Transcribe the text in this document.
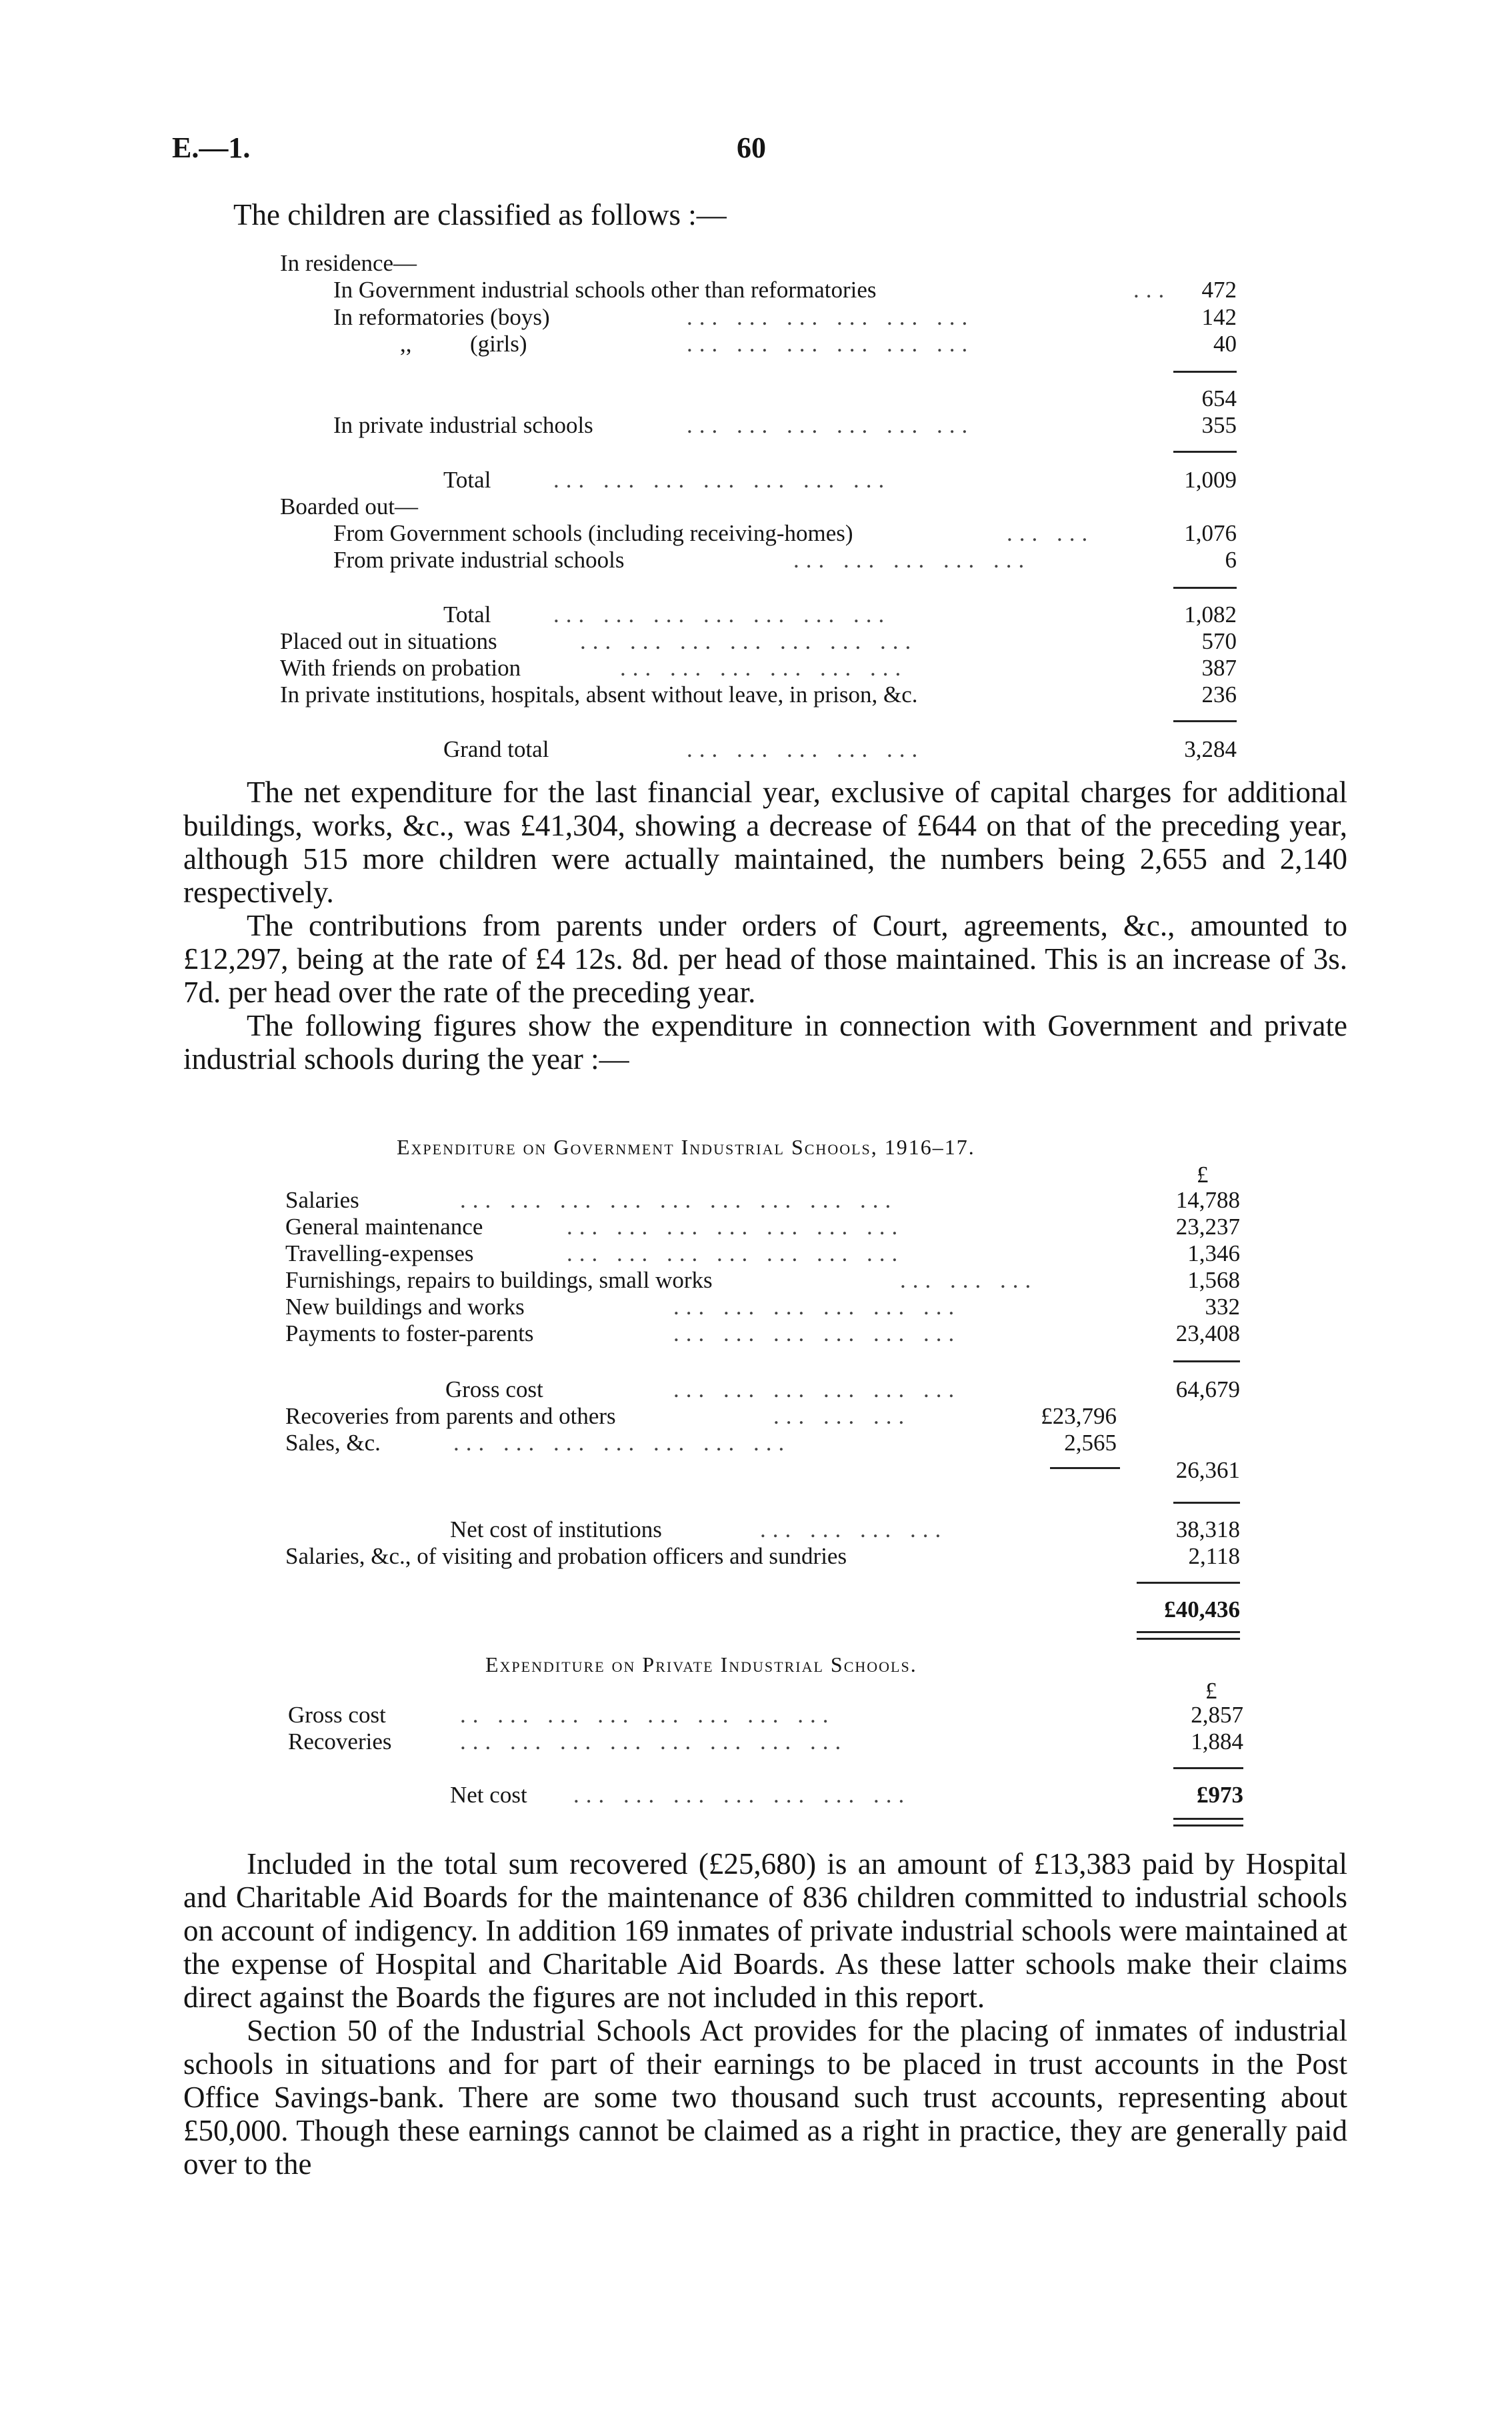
E.—1.	60
The children are classified as follows :—
In residence—
In Government industrial schools other than reformatories	...	472
In reformatories (boys)	... ... ... ... ... ...	142
,,          (girls)	... ... ... ... ... ...	40
654
In private industrial schools	... ... ... ... ... ...	355
Total	... ... ... ... ... ... ...	1,009
Boarded out—
From Government schools (including receiving-homes)	... ...	1,076
From private industrial schools	... ... ... ... ...	6
Total	... ... ... ... ... ... ...	1,082
Placed out in situations	... ... ... ... ... ... ...	570
With friends on probation	... ... ... ... ... ...	387
In private institutions, hospitals, absent without leave, in prison, &c.	236
Grand total	... ... ... ... ...	3,284

The net expenditure for the last financial year, exclusive of capital charges for additional buildings, works, &c., was £41,304, showing a decrease of £644 on that of the preceding year, although 515 more children were actually maintained, the numbers being 2,655 and 2,140 respectively.

The contributions from parents under orders of Court, agreements, &c., amounted to £12,297, being at the rate of £4 12s. 8d. per head of those maintained. This is an increase of 3s. 7d. per head over the rate of the preceding year.

The following figures show the expenditure in connection with Government and private industrial schools during the year :—

Expenditure on Government Industrial Schools, 1916–17.
£
Salaries	... ... ... ... ... ... ... ... ...	14,788
General maintenance	... ... ... ... ... ... ...	23,237
Travelling-expenses	... ... ... ... ... ... ...	1,346
Furnishings, repairs to buildings, small works	... ... ...	1,568
New buildings and works	... ... ... ... ... ...	332
Payments to foster-parents	... ... ... ... ... ...	23,408
Gross cost	... ... ... ... ... ...	64,679
Recoveries from parents and others	... ... ...	£23,796
Sales, &c.	... ... ... ... ... ... ...	2,565
26,361
Net cost of institutions	... ... ... ...	38,318
Salaries, &c., of visiting and probation officers and sundries	2,118
£40,436
Expenditure on Private Industrial Schools.
£
Gross cost	.. ... ... ... ... ... ... ...	2,857
Recoveries	... ... ... ... ... ... ... ...	1,884
Net cost ... ... ... ... ... ... ...	£973

Included in the total sum recovered (£25,680) is an amount of £13,383 paid by Hospital and Charitable Aid Boards for the maintenance of 836 children committed to industrial schools on account of indigency. In addition 169 inmates of private industrial schools were maintained at the expense of Hospital and Charitable Aid Boards. As these latter schools make their claims direct against the Boards the figures are not included in this report.

Section 50 of the Industrial Schools Act provides for the placing of inmates of industrial schools in situations and for part of their earnings to be placed in trust accounts in the Post Office Savings-bank. There are some two thousand such trust accounts, representing about £50,000. Though these earnings cannot be claimed as a right in practice, they are generally paid over to the
